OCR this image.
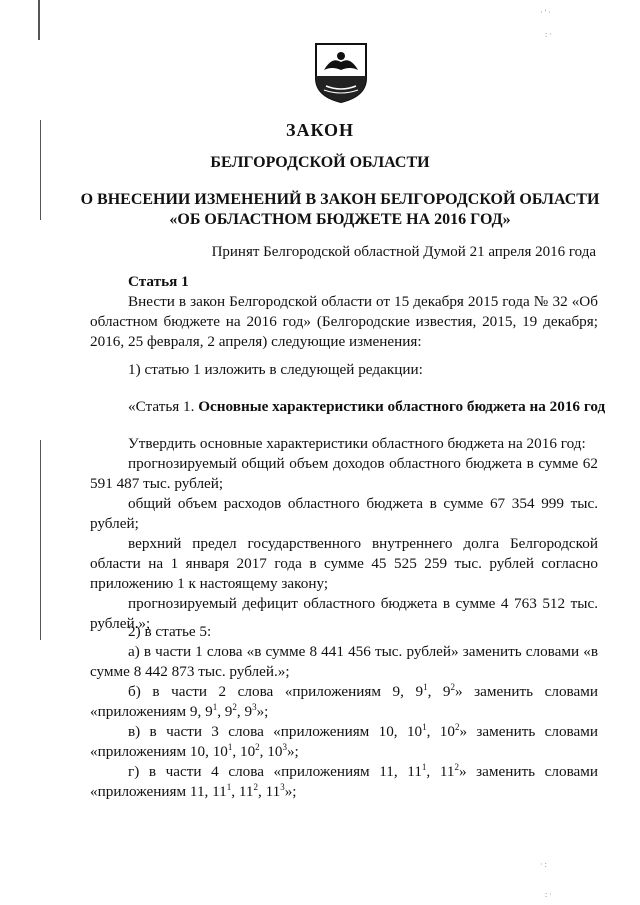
· ' ·
: ·
· :
: ·
ЗАКОН
БЕЛГОРОДСКОЙ ОБЛАСТИ
О ВНЕСЕНИИ ИЗМЕНЕНИЙ В ЗАКОН БЕЛГОРОДСКОЙ ОБЛАСТИ
«ОБ ОБЛАСТНОМ БЮДЖЕТЕ НА 2016 ГОД»
Принят Белгородской областной Думой 21 апреля 2016 года
Статья 1
Внести в закон Белгородской области от 15 декабря 2015 года № 32 «Об областном бюджете на 2016 год» (Белгородские известия, 2015, 19 декабря; 2016, 25 февраля, 2 апреля) следующие изменения:
1) статью 1 изложить в следующей редакции:
«Статья 1. Основные характеристики областного бюджета на 2016 год
Утвердить основные характеристики областного бюджета на 2016 год:
прогнозируемый общий объем доходов областного бюджета в сумме 62 591 487 тыс. рублей;
общий объем расходов областного бюджета в сумме 67 354 999 тыс. рублей;
верхний предел государственного внутреннего долга Белгородской области на 1 января 2017 года в сумме 45 525 259 тыс. рублей согласно приложению 1 к настоящему закону;
прогнозируемый дефицит областного бюджета в сумме 4 763 512 тыс. рублей.»;
2) в статье 5:
а) в части 1 слова «в сумме 8 441 456 тыс. рублей» заменить словами «в сумме 8 442 873 тыс. рублей.»;
б) в части 2 слова «приложениям 9, $9^1$, $9^2$» заменить словами «приложениям 9, $9^1$, $9^2$, $9^3$»;
в) в части 3 слова «приложениям 10, $10^1$, $10^2$» заменить словами «приложениям 10, $10^1$, $10^2$, $10^3$»;
г) в части 4 слова «приложениям 11, $11^1$, $11^2$» заменить словами «приложениям 11, $11^1$, $11^2$, $11^3$»;
